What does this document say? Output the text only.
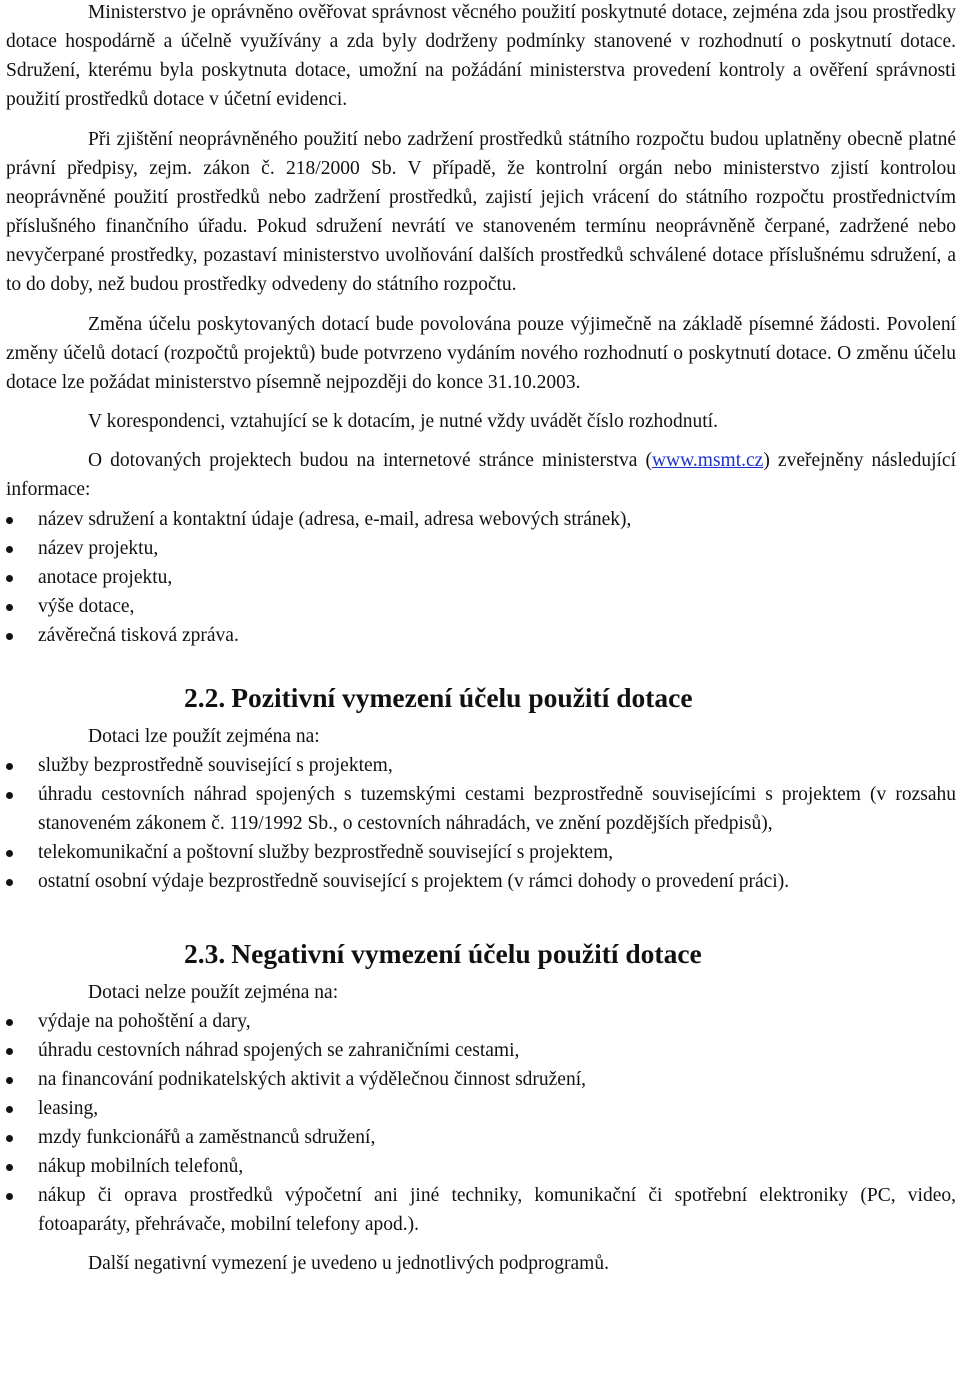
Ministerstvo je oprávněno ověřovat správnost věcného použití poskytnuté dotace, zejména zda jsou prostředky dotace hospodárně a účelně využívány a zda byly dodrženy podmínky stanovené v rozhodnutí o poskytnutí dotace. Sdružení, kterému byla poskytnuta dotace, umožní na požádání ministerstva provedení kontroly a ověření správnosti použití prostředků dotace v účetní evidenci.

Při zjištění neoprávněného použití nebo zadržení prostředků státního rozpočtu budou uplatněny obecně platné právní předpisy, zejm. zákon č. 218/2000 Sb. V případě, že kontrolní orgán nebo ministerstvo zjistí kontrolou neoprávněné použití prostředků nebo zadržení prostředků, zajistí jejich vrácení do státního rozpočtu prostřednictvím příslušného finančního úřadu. Pokud sdružení nevrátí ve stanoveném termínu neoprávněně čerpané, zadržené nebo nevyčerpané prostředky, pozastaví ministerstvo uvolňování dalších prostředků schválené dotace příslušnému sdružení, a to do doby, než budou prostředky odvedeny do státního rozpočtu.

Změna účelu poskytovaných dotací bude povolována pouze výjimečně na základě písemné žádosti. Povolení změny účelů dotací (rozpočtů projektů) bude potvrzeno vydáním nového rozhodnutí o poskytnutí dotace. O změnu účelu dotace lze požádat ministerstvo písemně nejpozději do konce 31.10.2003.

V korespondenci, vztahující se k dotacím, je nutné vždy uvádět číslo rozhodnutí.

O dotovaných projektech budou na internetové stránce ministerstva (www.msmt.cz) zveřejněny následující informace:

název sdružení a kontaktní údaje (adresa, e-mail, adresa webových stránek),
název projektu,
anotace projektu,
výše dotace,
závěrečná tisková zpráva.
2.2. Pozitivní vymezení účelu použití dotace

Dotaci lze použít zejména na:

služby bezprostředně související s projektem,
úhradu cestovních náhrad spojených s tuzemskými cestami bezprostředně souvisejícími s projektem (v rozsahu stanoveném zákonem č. 119/1992 Sb., o cestovních náhradách, ve znění pozdějších předpisů),
telekomunikační a poštovní služby bezprostředně související s projektem,
ostatní osobní výdaje bezprostředně související s projektem (v rámci dohody o provedení práci).
2.3. Negativní vymezení účelu použití dotace

Dotaci nelze použít zejména na:

výdaje na pohoštění a dary,
úhradu cestovních náhrad spojených se zahraničními cestami,
na financování podnikatelských aktivit a výdělečnou činnost sdružení,
leasing,
mzdy funkcionářů a zaměstnanců sdružení,
nákup mobilních telefonů,
nákup či oprava prostředků výpočetní ani jiné techniky, komunikační či spotřební elektroniky (PC, video, fotoaparáty, přehrávače, mobilní telefony apod.).

Další negativní vymezení je uvedeno u jednotlivých podprogramů.
